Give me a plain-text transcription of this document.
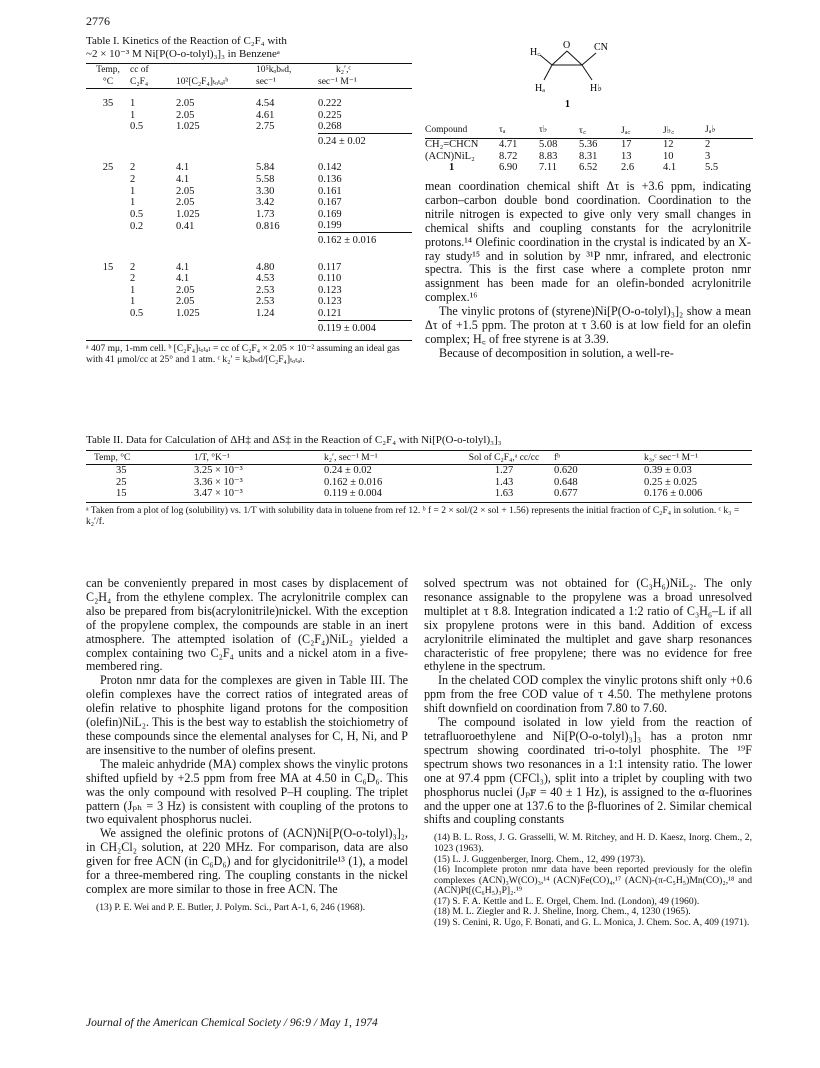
2776
Table I. Kinetics of the Reaction of C₂F₄ with
~2 × 10⁻³ M Ni[P(O-o-tolyl)₃]₃ in Benzeneᵃ
Temp,	cc of		10⁵kₒbₛd,	k₂′,ᶜ
°C	C₂F₄	10²[C₂F₄]ₜₒₜₐₗᵇ	sec⁻¹	sec⁻¹ M⁻¹
35	1	2.05	4.54	0.222
	1	2.05	4.61	0.225
	0.5	1.025	2.75	0.268
				0.24 ± 0.02
25	2	4.1	5.84	0.142
	2	4.1	5.58	0.136
	1	2.05	3.30	0.161
	1	2.05	3.42	0.167
	0.5	1.025	1.73	0.169
	0.2	0.41	0.816	0.199
				0.162 ± 0.016
15	2	4.1	4.80	0.117
	2	4.1	4.53	0.110
	1	2.05	2.53	0.123
	1	2.05	2.53	0.123
	0.5	1.025	1.24	0.121
				0.119 ± 0.004
ᵃ 407 mμ, 1-mm cell. ᵇ [C₂F₄]ₜₒₜₐₗ = cc of C₂F₄ × 2.05 × 10⁻² assuming an ideal gas with 41 μmol/cc at 25° and 1 atm. ᶜ k₂′ = kₒbₛd/[C₂F₄]ₜₒₜₐₗ.
H꜀
O CN
Hₐ	H♭
1
Compound	τₐ	τ♭	τ꜀	Jₐ꜀	J♭꜀	Jₐ♭
CH₂=CHCN	4.71	5.08	5.36	17	12	2
(ACN)NiL₂	8.72	8.83	8.31	13	10	3
1	6.90	7.11	6.52	2.6	4.1	5.5

mean coordination chemical shift Δτ is +3.6 ppm, indicating carbon–carbon double bond coordination. Coordination to the nitrile nitrogen is expected to give only very small changes in chemical shifts and coupling constants for the acrylonitrile protons.¹⁴ Olefinic coordination in the crystal is indicated by an X-ray study¹⁵ and in solution by ³¹P nmr, infrared, and electronic spectra. This is the first case where a complete proton nmr assignment has been made for an olefin-bonded acrylonitrile complex.¹⁶

The vinylic protons of (styrene)Ni[P(O-o-tolyl)₃]₂ show a mean Δτ of +1.5 ppm. The proton at τ 3.60 is at low field for an olefin complex; H꜀ of free styrene is at 3.39.

Because of decomposition in solution, a well-re-

Table II. Data for Calculation of ΔH‡ and ΔS‡ in the Reaction of C₂F₄ with Ni[P(O-o-tolyl)₃]₃
Temp, °C	1/T, °K⁻¹	k₂′, sec⁻¹ M⁻¹	Sol of C₂F₄,ᵃ cc/cc	fᵇ	k₃,ᶜ sec⁻¹ M⁻¹
35	3.25 × 10⁻³	0.24 ± 0.02	1.27	0.620	0.39 ± 0.03
25	3.36 × 10⁻³	0.162 ± 0.016	1.43	0.648	0.25 ± 0.025
15	3.47 × 10⁻³	0.119 ± 0.004	1.63	0.677	0.176 ± 0.006
ᵃ Taken from a plot of log (solubility) vs. 1/T with solubility data in toluene from ref 12. ᵇ f = 2 × sol/(2 × sol + 1.56) represents the initial fraction of C₂F₄ in solution. ᶜ k₃ = k₂′/f.

can be conveniently prepared in most cases by displacement of C₂H₄ from the ethylene complex. The acrylonitrile complex can also be prepared from bis(acrylonitrile)nickel. With the exception of the propylene complex, the compounds are stable in an inert atmosphere. The attempted isolation of (C₂F₄)NiL₂ yielded a complex containing two C₂F₄ units and a nickel atom in a five-membered ring.

Proton nmr data for the complexes are given in Table III. The olefin complexes have the correct ratios of integrated areas of olefin relative to phosphite ligand protons for the composition (olefin)NiL₂. This is the best way to establish the stoichiometry of these compounds since the elemental analyses for C, H, Ni, and P are insensitive to the number of olefins present.

The maleic anhydride (MA) complex shows the vinylic protons shifted upfield by +2.5 ppm from free MA at 4.50 in C₆D₆. This was the only compound with resolved P–H coupling. The triplet pattern (Jₚₕ = 3 Hz) is consistent with coupling of the protons to two equivalent phosphorus nuclei.

We assigned the olefinic protons of (ACN)Ni[P(O-o-tolyl)₃]₂, in CH₂Cl₂ solution, at 220 MHz. For comparison, data are also given for free ACN (in C₆D₆) and for glycidonitrile¹³ (1), a model for a three-membered ring. The coupling constants in the nickel complex are more similar to those in free ACN. The

(13) P. E. Wei and P. E. Butler, J. Polym. Sci., Part A-1, 6, 246 (1968).

solved spectrum was not obtained for (C₃H₆)NiL₂. The only resonance assignable to the propylene was a broad unresolved multiplet at τ 8.8. Integration indicated a 1:2 ratio of C₃H₆–L if all six propylene protons were in this band. Addition of excess acrylonitrile eliminated the multiplet and gave sharp resonances characteristic of free propylene; there was no evidence for free ethylene in the spectrum.

In the chelated COD complex the vinylic protons shift only +0.6 ppm from the free COD value of τ 4.50. The methylene protons shift downfield on coordination from 7.80 to 7.60.

The compound isolated in low yield from the reaction of tetrafluoroethylene and Ni[P(O-o-tolyl)₃]₃ has a proton nmr spectrum showing coordinated tri-o-tolyl phosphite. The ¹⁹F spectrum shows two resonances in a 1:1 intensity ratio. The lower one at 97.4 ppm (CFCl₃), split into a triplet by coupling with two phosphorus nuclei (Jₚꜰ = 40 ± 1 Hz), is assigned to the α-fluorines and the upper one at 137.6 to the β-fluorines of 2. Similar chemical shifts and coupling constants

(14) B. L. Ross, J. G. Grasselli, W. M. Ritchey, and H. D. Kaesz, Inorg. Chem., 2, 1023 (1963).

(15) L. J. Guggenberger, Inorg. Chem., 12, 499 (1973).

(16) Incomplete proton nmr data have been reported previously for the olefin complexes (ACN)₃W(CO)₃,¹⁴ (ACN)Fe(CO)₄,¹⁷ (ACN)-(π-C₅H₅)Mn(CO)₂,¹⁸ and (ACN)Pt[(C₆H₅)₃P]₂.¹⁹

(17) S. F. A. Kettle and L. E. Orgel, Chem. Ind. (London), 49 (1960).

(18) M. L. Ziegler and R. J. Sheline, Inorg. Chem., 4, 1230 (1965).

(19) S. Cenini, R. Ugo, F. Bonati, and G. L. Monica, J. Chem. Soc. A, 409 (1971).

Journal of the American Chemical Society / 96:9 / May 1, 1974
